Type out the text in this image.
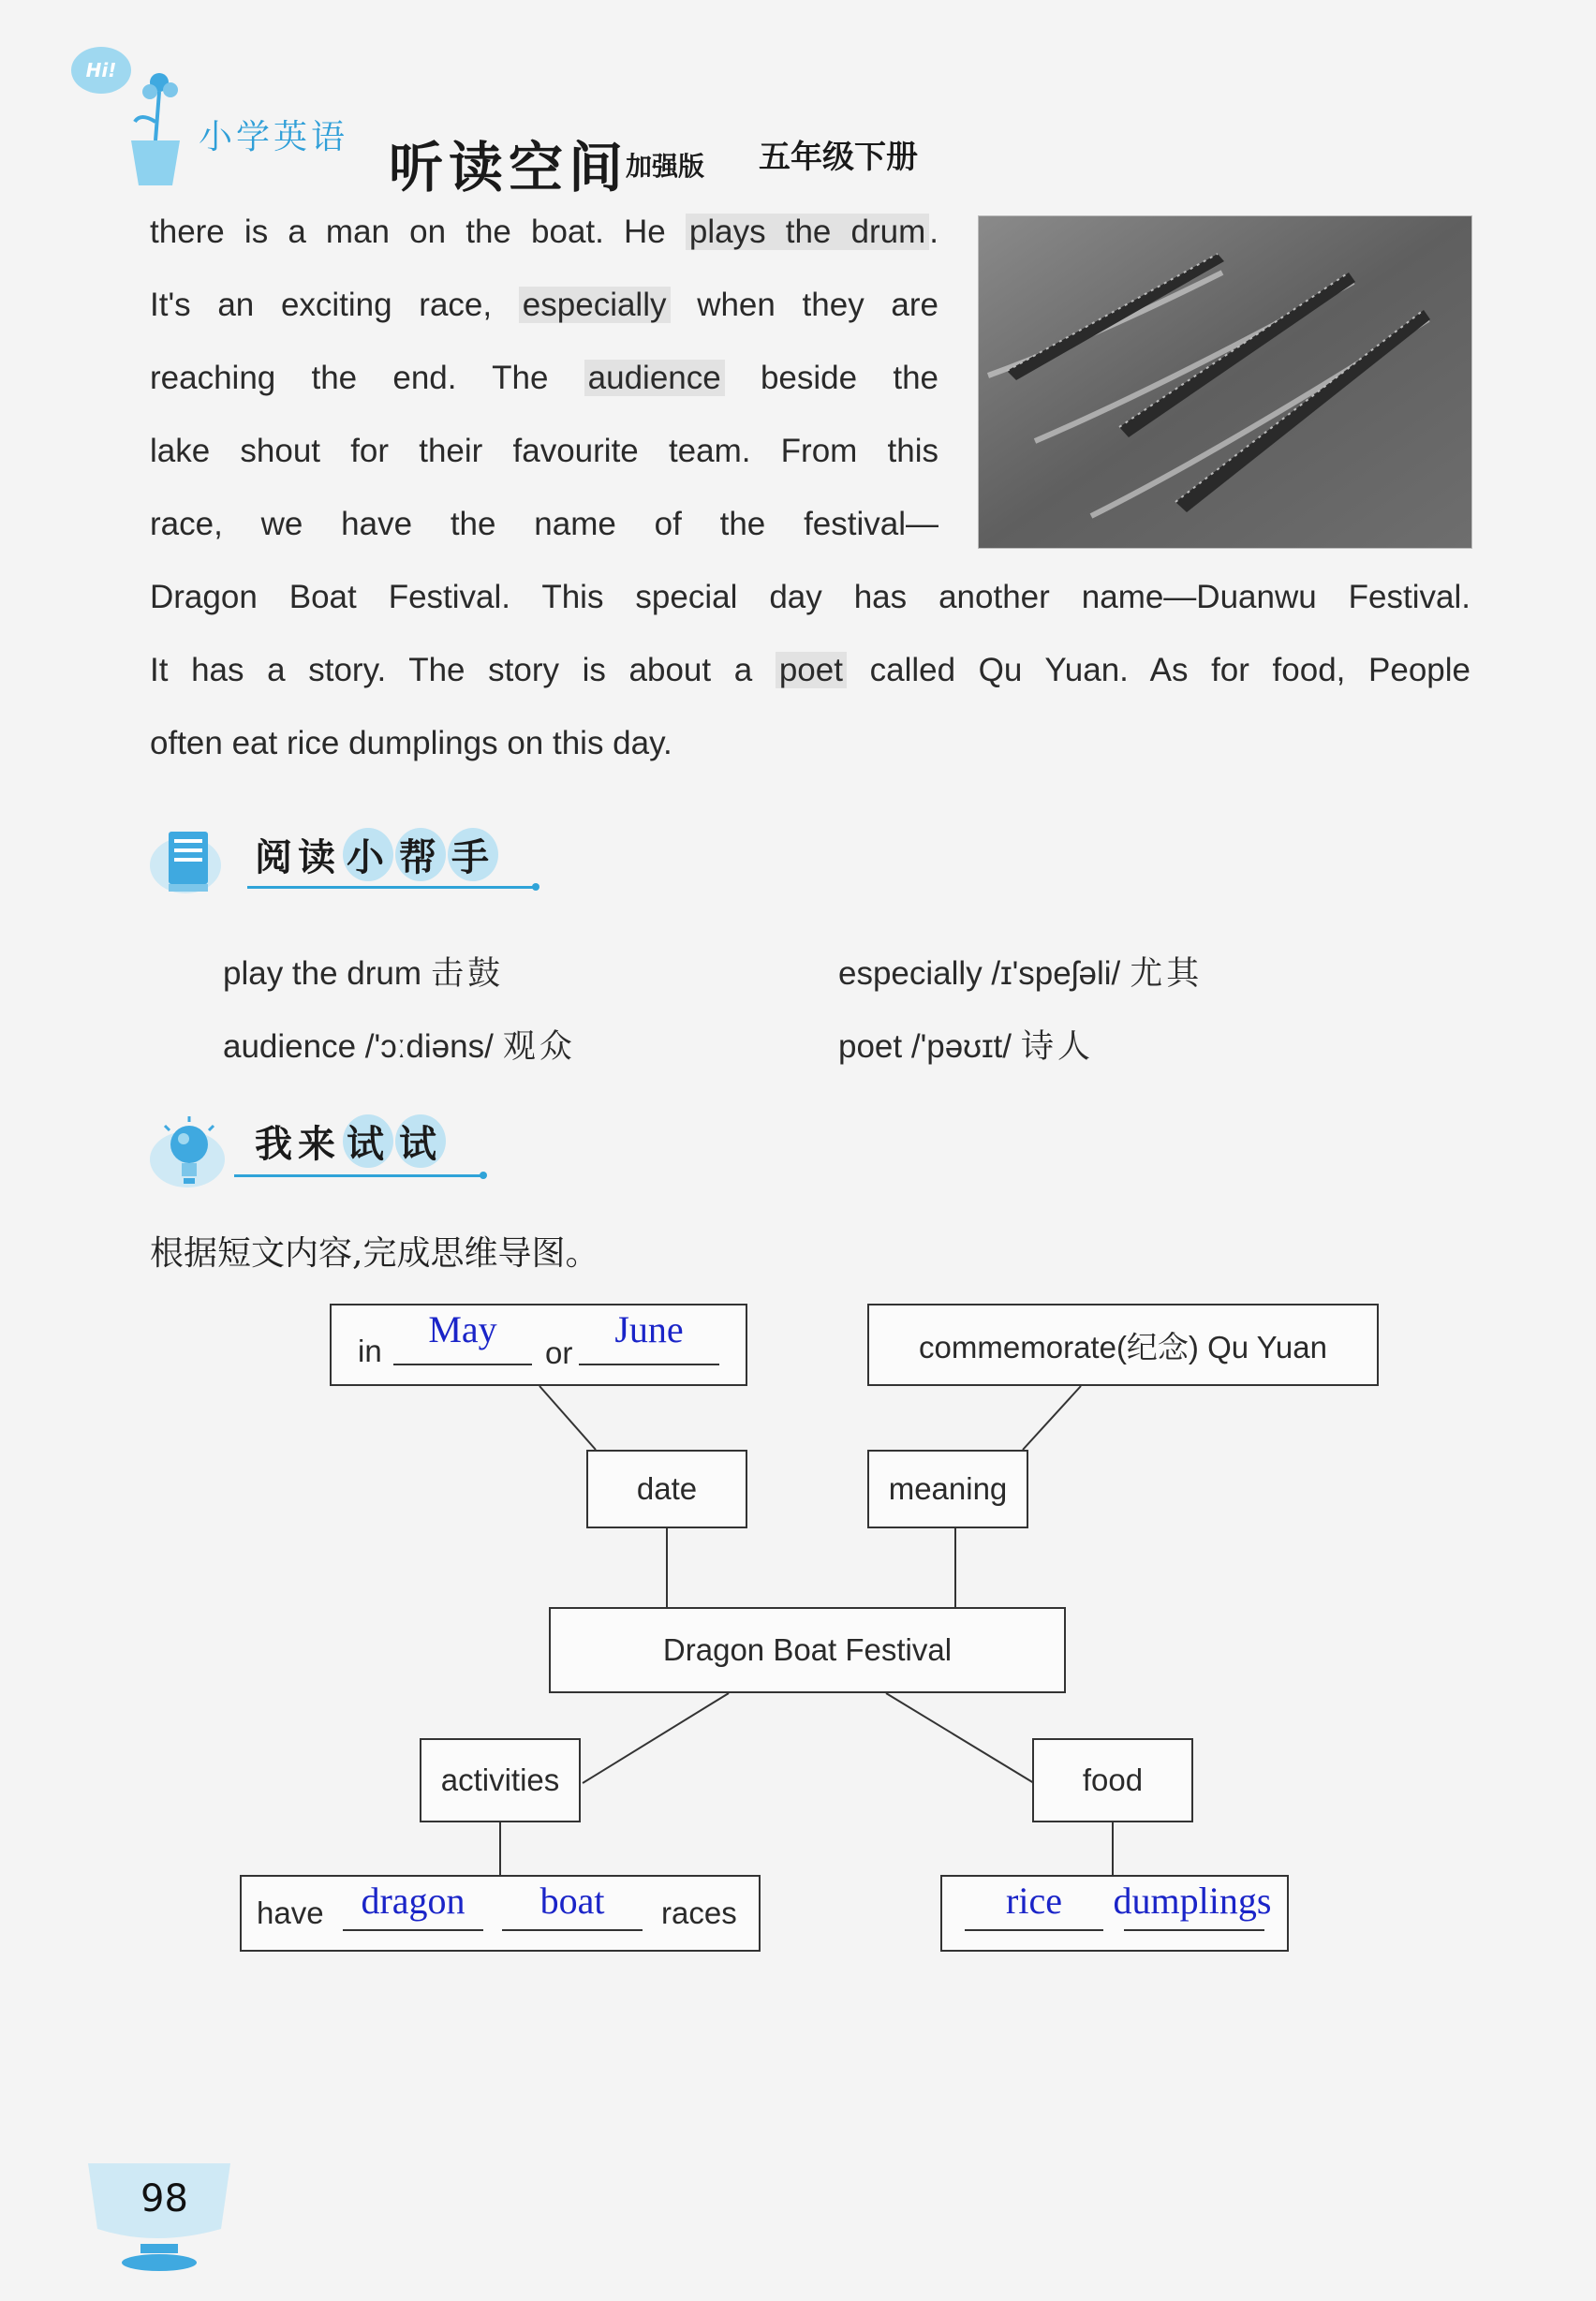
Hi!
小学英语 听读空间
加强版 五年级下册
there is a man on the boat. He plays the drum .
It's an exciting race, especially when they are
reaching the end. The audience beside the
lake shout for their favourite team. From this
race, we have the name of the festival—
Dragon Boat Festival. This special day has another name—Duanwu Festival.
It has a story. The story is about a poet called Qu Yuan. As for food, People
often eat rice dumplings on this day.
阅读 小 帮 手
play the drum 击鼓	especially /ɪ'speʃəli/ 尤其
audience /'ɔːdiəns/ 观众	poet /'pəʊɪt/ 诗人
我来 试 试
根据短文内容,完成思维导图。
in
May
or
June	commemorate(纪念) Qu Yuan
date	meaning
Dragon Boat Festival
activities	food
have dragon	boat	races	rice	dumplings
98
